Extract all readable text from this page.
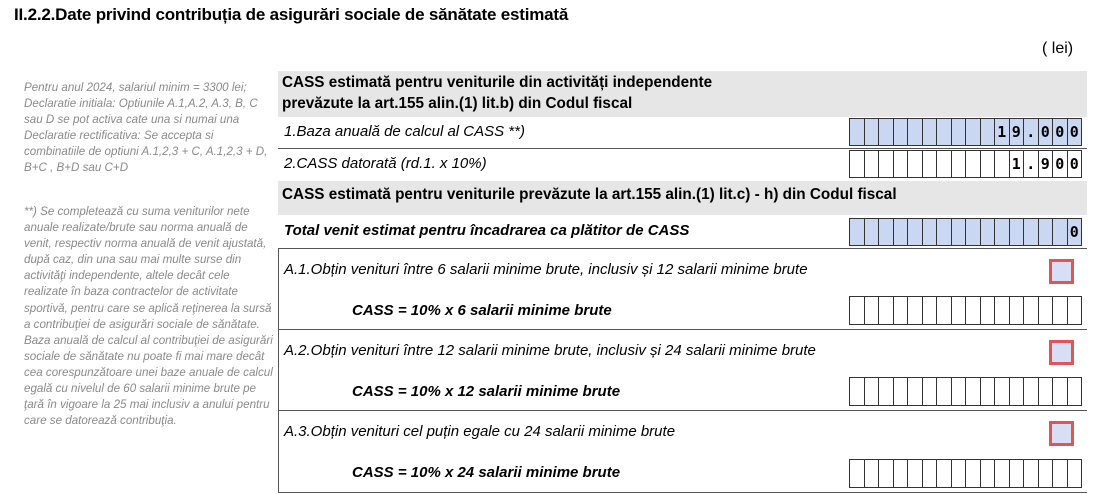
II.2.2.Date privind contribuția de asigurări sociale de sănătate estimată
( lei)
Pentru anul 2024, salariul minim = 3300 lei; Declaratie initiala: Optiunile A.1,A.2, A.3, B, C sau D se pot activa cate una si numai una Declaratie rectificativa: Se accepta si combinatiile de optiuni A.1,2,3 + C, A.1,2,3 + D, B+C , B+D sau C+D
**) Se completează cu suma veniturilor nete anuale realizate/brute sau norma anuală de venit, respectiv norma anuală de venit ajustată, după caz, din una sau mai multe surse din activităţi independente, altele decât cele realizate în baza contractelor de activitate sportivă, pentru care se aplică reţinerea la sursă a contribuţiei de asigurări sociale de sănătate. Baza anuală de calcul al contribuţiei de asigurări sociale de sănătate nu poate fi mai mare decât cea corespunzătoare unei baze anuale de calcul egală cu nivelul de 60 salarii minime brute pe ţară în vigoare la 25 mai inclusiv a anului pentru care se datorează contribuţia.
CASS estimată pentru veniturile din activități independente
prevăzute la art.155 alin.(1) lit.b) din Codul fiscal
1.Baza anuală de calcul al CASS **)	1 9 . 0 0 0
2.CASS datorată (rd.1. x 10%)	1 . 9 0 0
CASS estimată pentru veniturile prevăzute la art.155 alin.(1) lit.c) - h) din Codul fiscal
Total venit estimat pentru încadrarea ca plătitor de CASS	0
A.1.Obțin venituri între 6 salarii minime brute, inclusiv și 12 salarii minime brute
CASS = 10% x 6 salarii minime brute
A.2.Obțin venituri între 12 salarii minime brute, inclusiv și 24 salarii minime brute
CASS = 10% x 12 salarii minime brute
A.3.Obțin venituri cel puțin egale cu 24 salarii minime brute
CASS = 10% x 24 salarii minime brute
